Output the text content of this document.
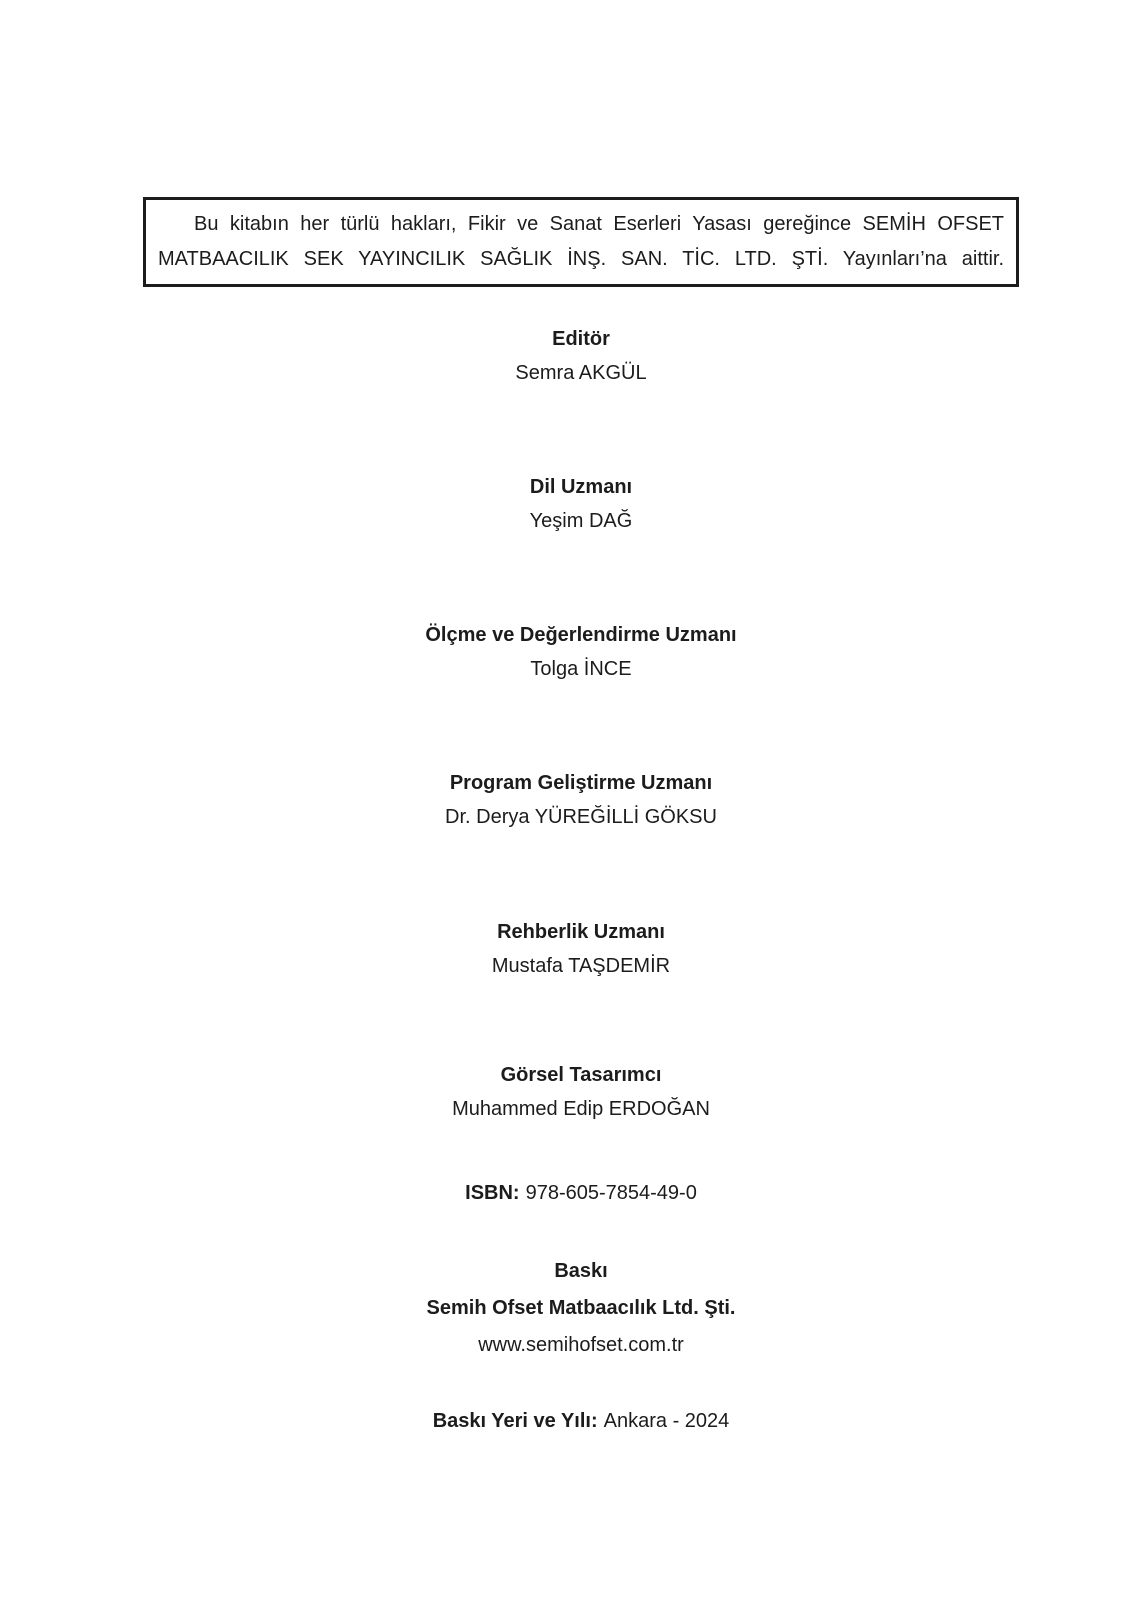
Bu kitabın her türlü hakları, Fikir ve Sanat Eserleri Yasası gereğince SEMİH OFSET
MATBAACILIK SEK YAYINCILIK SAĞLIK İNŞ. SAN. TİC. LTD. ŞTİ. Yayınları’na aittir.
Editör
Semra AKGÜL
Dil Uzmanı
Yeşim DAĞ
Ölçme ve Değerlendirme Uzmanı
Tolga İNCE
Program Geliştirme Uzmanı
Dr. Derya YÜREĞİLLİ GÖKSU
Rehberlik Uzmanı
Mustafa TAŞDEMİR
Görsel Tasarımcı
Muhammed Edip ERDOĞAN
ISBN: 978-605-7854-49-0
Baskı
Semih Ofset Matbaacılık Ltd. Şti.
www.semihofset.com.tr
Baskı Yeri ve Yılı: Ankara - 2024
